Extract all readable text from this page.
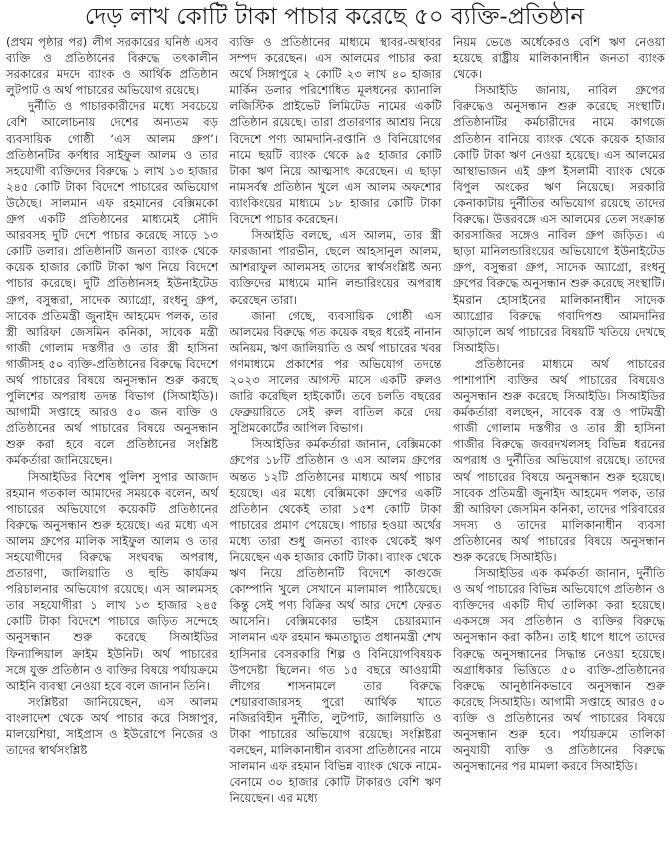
দেড় লাখ কোটি টাকা পাচার করেছে ৫০ ব্যক্তি-প্রতিষ্ঠান

(প্রথম পৃষ্ঠার পর) লীগ সরকারের ঘনিষ্ঠ এসব ব্যক্তি ও প্রতিষ্ঠানের বিরুদ্ধে তৎকালীন সরকারের মদদে ব্যাংক ও আর্থিক প্রতিষ্ঠান লুটপাট ও অর্থ পাচারের অভিযোগ রয়েছে।

দুর্নীতি ও পাচারকারীদের মধ্যে সবচেয়ে বেশি আলোচনায় দেশের অন্যতম বড় ব্যবসায়িক গোষ্ঠী ‘এস আলম গ্রুপ’। প্রতিষ্ঠানটির কর্ণধার সাইফুল আলম ও তার সহযোগী ব্যক্তিদের বিরুদ্ধে ১ লাখ ১৩ হাজার ২৪৫ কোটি টাকা বিদেশে পাচারের অভিযোগ উঠেছে। সালমান এফ রহমানের বেক্সিমকো গ্রুপ একটি প্রতিষ্ঠানের মাধ্যমেই সৌদি আরবসহ দুটি দেশে পাচার করেছে সাড়ে ১৩ কোটি ডলার। প্রতিষ্ঠানটি জনতা ব্যাংক থেকে কয়েক হাজার কোটি টাকা ঋণ নিয়ে বিদেশে পাচার করেছে। দুটি প্রতিষ্ঠানসহ ইউনাইটেড গ্রুপ, বসুন্ধরা, সাদেক অ্যাগ্রো, রংধনু গ্রুপ, সাবেক প্রতিমন্ত্রী জুনাইদ আহমেদ পলক, তার স্ত্রী আরিফা জেসমিন কনিকা, সাবেক মন্ত্রী গাজী গোলাম দস্তগীর ও তার স্ত্রী হাসিনা গাজীসহ ৫০ ব্যক্তি-প্রতিষ্ঠানের বিরুদ্ধে বিদেশে অর্থ পাচারের বিষয়ে অনুসন্ধান শুরু করছে পুলিশের অপরাধ তদন্ত বিভাগ (সিআইডি)। আগামী সপ্তাহে আরও ৫০ জন ব্যক্তি ও প্রতিষ্ঠানের অর্থ পাচারের বিষয়ে অনুসন্ধান শুরু করা হবে বলে প্রতিষ্ঠানের সংশ্লিষ্ট কর্মকর্তারা জানিয়েছেন।

সিআইডির বিশেষ পুলিশ সুপার আজাদ রহমান গতকাল আমাদের সময়কে বলেন, অর্থ পাচারের অভিযোগে কয়েকটি প্রতিষ্ঠানের বিরুদ্ধে অনুসন্ধান শুরু হয়েছে। এর মধ্যে এস আলম গ্রুপের মালিক সাইফুল আলম ও তার সহযোগীদের বিরুদ্ধে সংঘবদ্ধ অপরাধ, প্রতারণা, জালিয়াতি ও হুন্ডি কার্যক্রম পরিচালনার অভিযোগ রয়েছে। এস আলমসহ তার সহযোগীরা ১ লাখ ১৩ হাজার ২৪৫ কোটি টাকা বিদেশে পাচারে জড়িত সন্দেহে অনুসন্ধান শুরু করেছে সিআইডির ফিন্যান্সিয়াল ক্রাইম ইউনিট। অর্থ পাচারের সঙ্গে যুক্ত প্রতিষ্ঠান ও ব্যক্তির বিষয়ে পর্যায়ক্রমে আইনি ব্যবস্থা নেওয়া হবে বলে জানান তিনি।

সংশ্লিষ্টরা জানিয়েছেন, এস আলম বাংলাদেশ থেকে অর্থ পাচার করে সিঙ্গাপুর, মালয়েশিয়া, সাইপ্রাস ও ইউরোপে নিজের ও তাদের স্বার্থসংশ্লিষ্ট

ব্যক্তি ও প্রতিষ্ঠানের মাধ্যমে স্থাবর-অস্থাবর সম্পদ করেছেন। এস আলমের পাচার করা অর্থে সিঙ্গাপুরে ২ কোটি ২৩ লাখ ৪০ হাজার মার্কিন ডলার পরিশোধিত মূলধনের ক্যানালি লজিস্টিক প্রাইভেট লিমিটেড নামের একটি প্রতিষ্ঠান রয়েছে। তারা প্রতারণার আশ্রয় নিয়ে বিদেশে পণ্য আমদানি-রপ্তানি ও বিনিয়োগের নামে ছয়টি ব্যাংক থেকে ৯৫ হাজার কোটি টাকা ঋণ নিয়ে আত্মসাৎ করেছেন। এ ছাড়া নামসর্বস্ব প্রতিষ্ঠান খুলে এস আলম অফশোর ব্যাংকিংয়ের মাধ্যমে ১৮ হাজার কোটি টাকা বিদেশে পাচার করেছেন।

সিআইডি বলছে, এস আলম, তার স্ত্রী ফারজানা পারভীন, ছেলে আহসানুল আলম, আশরাফুল আলমসহ তাদের স্বার্থসংশ্লিষ্ট অন্য ব্যক্তিদের মাধ্যমে মানি লন্ডারিংয়ের অপরাধ করেছেন তারা।

জানা গেছে, ব্যবসায়িক গোষ্ঠী এস আলমের বিরুদ্ধে গত কয়েক বছর ধরেই নানান অনিয়ম, ঋণ জালিয়াতি ও অর্থ পাচারের খবর গণমাধ্যমে প্রকাশের পর অভিযোগ তদন্তে ২০২৩ সালের আগস্ট মাসে একটি রুলও জারি করেছিল হাইকোর্ট। তবে চলতি বছরের ফেব্রুয়ারিতে সেই রুল বাতিল করে দেয় সুপ্রিমকোর্টের আপিল বিভাগ।

সিআইডির কর্মকর্তারা জানান, বেক্সিমকো গ্রুপের ১৮টি প্রতিষ্ঠান ও এস আলম গ্রুপের অন্তত ১২টি প্রতিষ্ঠানের মাধ্যমে অর্থ পাচার হয়েছে। এর মধ্যে বেক্সিমকো গ্রুপের একটি প্রতিষ্ঠান থেকেই তারা ১৫শ কোটি টাকা পাচারের প্রমাণ পেয়েছে। পাচার হওয়া অর্থের মধ্যে তারা শুধু জনতা ব্যাংক থেকেই ঋণ নিয়েছেন এক হাজার কোটি টাকা। ব্যাংক থেকে ঋণ নিয়ে প্রতিষ্ঠানটি বিদেশে কাগুজে কোম্পানি খুলে সেখানে মালামাল পাঠিয়েছে। কিন্তু সেই পণ্য বিক্রির অর্থ আর দেশে ফেরত আসেনি। বেক্সিমকোর ভাইস চেয়ারম্যান সালমান এফ রহমান ক্ষমতাচ্যুত প্রধানমন্ত্রী শেখ হাসিনার বেসরকারি শিল্প ও বিনিয়োগবিষয়ক উপদেষ্টা ছিলেন। গত ১৫ বছরে আওয়ামী লীগের শাসনামলে তার বিরুদ্ধে শেয়ারবাজারসহ পুরো আর্থিক খাতে নজিরবিহীন দুর্নীতি, লুটপাট, জালিয়াতি ও টাকা পাচারের অভিযোগ রয়েছে। সংশ্লিষ্টরা বলছেন, মালিকানাধীন ব্যবসা প্রতিষ্ঠানের নামে সালমান এফ রহমান বিভিন্ন ব্যাংক থেকে নামে-বেনামে ৩০ হাজার কোটি টাকারও বেশি ঋণ নিয়েছেন। এর মধ্যে

নিয়ম ভেঙে অর্ধেকেরও বেশি ঋণ নেওয়া হয়েছে রাষ্ট্রীয় মালিকানাধীন জনতা ব্যাংক থেকে।

সিআইডি জানায়, নাবিল গ্রুপের বিরুদ্ধেও অনুসন্ধান শুরু করেছে সংস্থাটি। প্রতিষ্ঠানটির কর্মচারীদের নামে কাগজে প্রতিষ্ঠান বানিয়ে ব্যাংক থেকে কয়েক হাজার কোটি টাকা ঋণ নেওয়া হয়েছে। এস আলমের আস্থাভাজন এই গ্রুপ ইসলামী ব্যাংক থেকে বিপুল অংকের ঋণ নিয়েছে। সরকারি কেনাকাটায় দুর্নীতির অভিযোগ রয়েছে তাদের বিরুদ্ধে। উত্তরবঙ্গে এস আলমের তেল সংক্রান্ত কারসাজির সঙ্গেও নাবিল গ্রুপ জড়িত। এ ছাড়া মানিলন্ডারিংয়ের অভিযোগে ইউনাইটেড গ্রুপ, বসুন্ধরা গ্রুপ, সাদেক অ্যাগ্রো, রংধনু গ্রুপের বিরুদ্ধে অনুসন্ধান শুরু করেছে সংস্থাটি। ইমরান হোসাইনের মালিকানাধীন সাদেক অ্যাগ্রোর বিরুদ্ধে গবাদিপশু আমদানির আড়ালে অর্থ পাচারের বিষয়টি খতিয়ে দেখছে সিআইডি।

প্রতিষ্ঠানের মাধ্যমে অর্থ পাচারের পাশাপাশি ব্যক্তির অর্থ পাচারের বিষয়েও অনুসন্ধান শুরু করেছে সিআইডি। সিআইডির কর্মকর্তারা বলছেন, সাবেক বস্ত্র ও পাটমন্ত্রী গাজী গোলাম দস্তগীর ও তার স্ত্রী হাসিনা গাজীর বিরুদ্ধে জবরদখলসহ বিভিন্ন ধরনের অপরাধ ও দুর্নীতির অভিযোগ রয়েছে। তাদের অর্থ পাচারের বিষয়ে অনুসন্ধান শুরু হয়েছে। সাবেক প্রতিমন্ত্রী জুনাইদ আহমেদ পলক, তার স্ত্রী আরিফা জেসমিন কনিকা, তাদের পরিবারের সদস্য ও তাদের মালিকানাধীন ব্যবসা প্রতিষ্ঠানের অর্থ পাচারের বিষয়ে অনুসন্ধান শুরু করেছে সিআইডি।

সিআইডির এক কর্মকর্তা জানান, দুর্নীতি ও অর্থ পাচারের বিভিন্ন অভিযোগে প্রতিষ্ঠান ও ব্যক্তিদের একটি দীর্ঘ তালিকা করা হয়েছে। একসঙ্গে সব প্রতিষ্ঠান ও ব্যক্তির বিরুদ্ধে অনুসন্ধান করা কঠিন। তাই ধাপে ধাপে তাদের বিরুদ্ধে অনুসন্ধানের সিদ্ধান্ত নেওয়া হয়েছে। অগ্রাধিকার ভিত্তিতে ৫০ ব্যক্তি-প্রতিষ্ঠানের বিরুদ্ধে আনুষ্ঠানিকভাবে অনুসন্ধান শুরু করেছে সিআইডি। আগামী সপ্তাহে আরও ৫০ ব্যক্তি ও প্রতিষ্ঠানের অর্থ পাচারের বিষয়ে অনুসন্ধান শুরু হবে। পর্যায়ক্রমে তালিকা অনুযায়ী ব্যক্তি ও প্রতিষ্ঠানের বিরুদ্ধে অনুসন্ধানের পর মামলা করবে সিআইডি।
